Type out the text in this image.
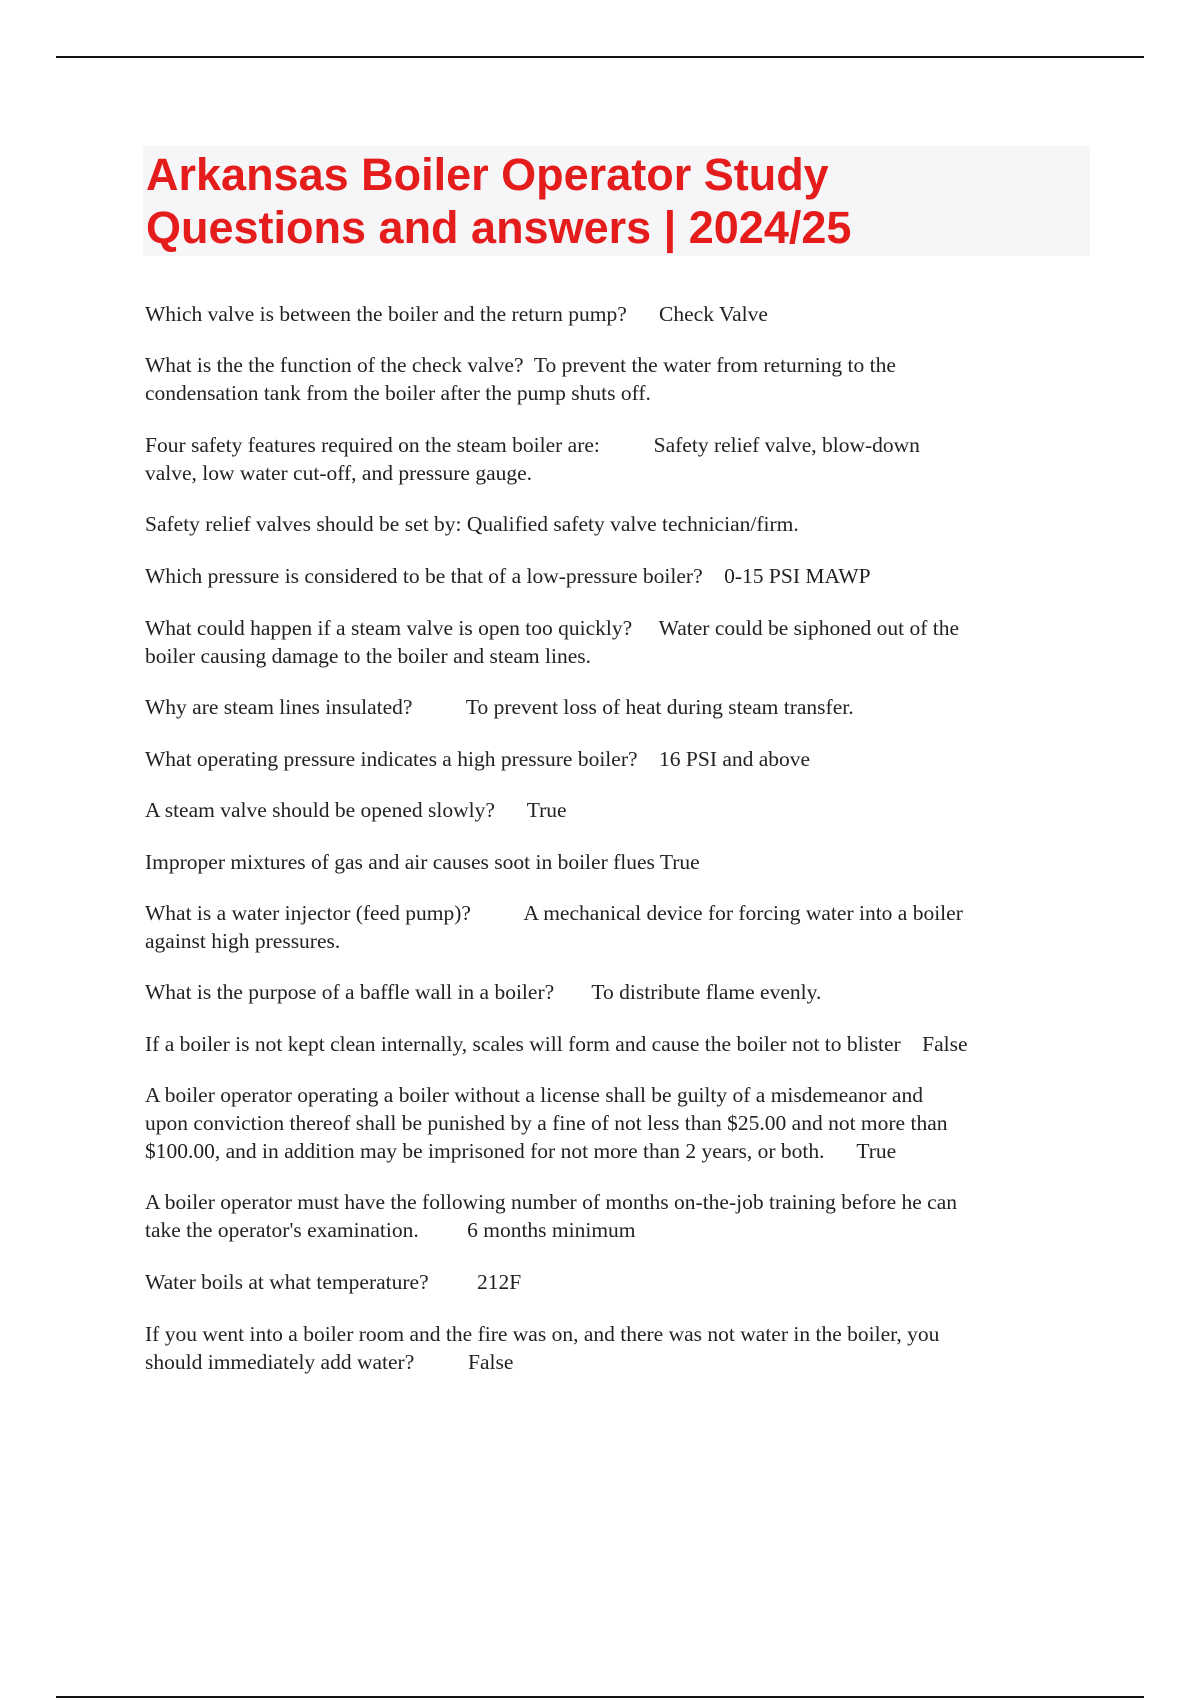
Arkansas Boiler Operator Study
Questions and answers | 2024/25
Which valve is between the boiler and the return pump?      Check Valve
What is the the function of the check valve?  To prevent the water from returning to the
condensation tank from the boiler after the pump shuts off.
Four safety features required on the steam boiler are:          Safety relief valve, blow-down
valve, low water cut-off, and pressure gauge.
Safety relief valves should be set by: Qualified safety valve technician/firm.
Which pressure is considered to be that of a low-pressure boiler?    0-15 PSI MAWP
What could happen if a steam valve is open too quickly?     Water could be siphoned out of the
boiler causing damage to the boiler and steam lines.
Why are steam lines insulated?          To prevent loss of heat during steam transfer.
What operating pressure indicates a high pressure boiler?    16 PSI and above
A steam valve should be opened slowly?      True
Improper mixtures of gas and air causes soot in boiler flues True
What is a water injector (feed pump)?          A mechanical device for forcing water into a boiler
against high pressures.
What is the purpose of a baffle wall in a boiler?       To distribute flame evenly.
If a boiler is not kept clean internally, scales will form and cause the boiler not to blister    False
A boiler operator operating a boiler without a license shall be guilty of a misdemeanor and
upon conviction thereof shall be punished by a fine of not less than $25.00 and not more than
$100.00, and in addition may be imprisoned for not more than 2 years, or both.      True
A boiler operator must have the following number of months on-the-job training before he can
take the operator's examination.         6 months minimum
Water boils at what temperature?         212F
If you went into a boiler room and the fire was on, and there was not water in the boiler, you
should immediately add water?          False
